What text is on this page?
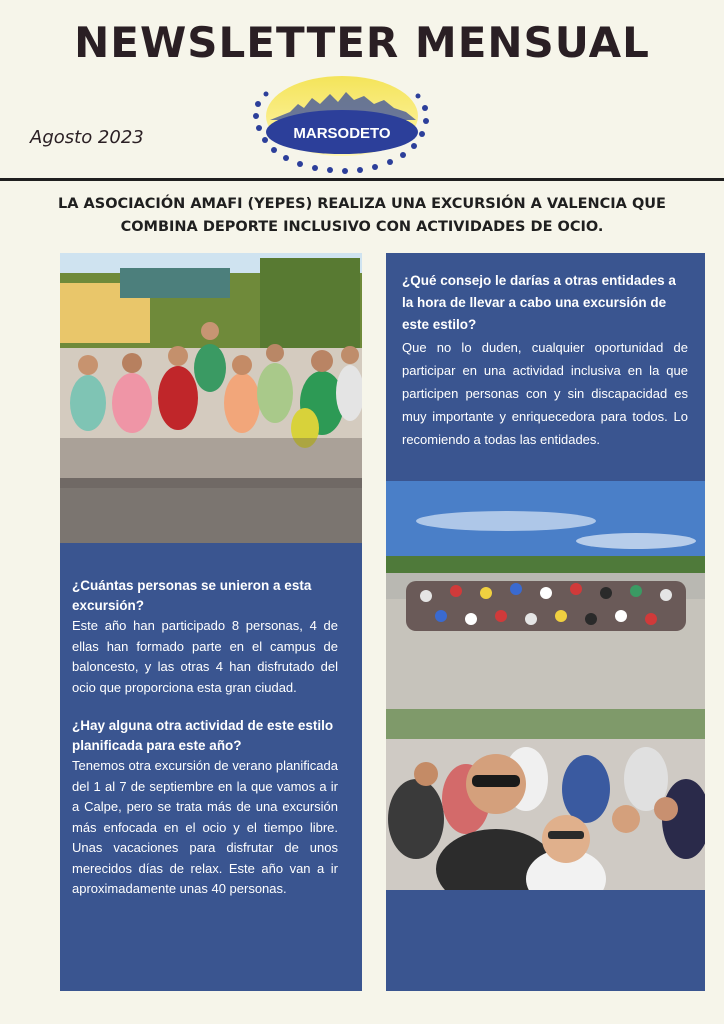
NEWSLETTER MENSUAL
Agosto 2023	MARSODETO
LA ASOCIACIÓN AMAFI (YEPES) REALIZA UNA EXCURSIÓN A VALENCIA QUE COMBINA DEPORTE INCLUSIVO CON ACTIVIDADES DE OCIO.

¿Cuántas personas se unieron a esta excursión?

Este año han participado 8 personas, 4 de ellas han formado parte en el campus de baloncesto, y las otras 4 han disfrutado del ocio que proporciona esta gran ciudad.

¿Hay alguna otra actividad de este estilo planificada para este año?

Tenemos otra excursión de verano planificada del 1 al 7 de septiembre en la que vamos a ir a Calpe, pero se trata más de una excursión más enfocada en el ocio y el tiempo libre. Unas vacaciones para disfrutar de unos merecidos días de relax. Este año van a ir aproximadamente unas 40 personas.

¿Qué consejo le darías a otras entidades a la hora de llevar a cabo una excursión de este estilo?

Que no lo duden, cualquier oportunidad de participar en una actividad inclusiva en la que participen personas con y sin discapacidad es muy importante y enriquecedora para todos. Lo recomiendo a todas las entidades.
